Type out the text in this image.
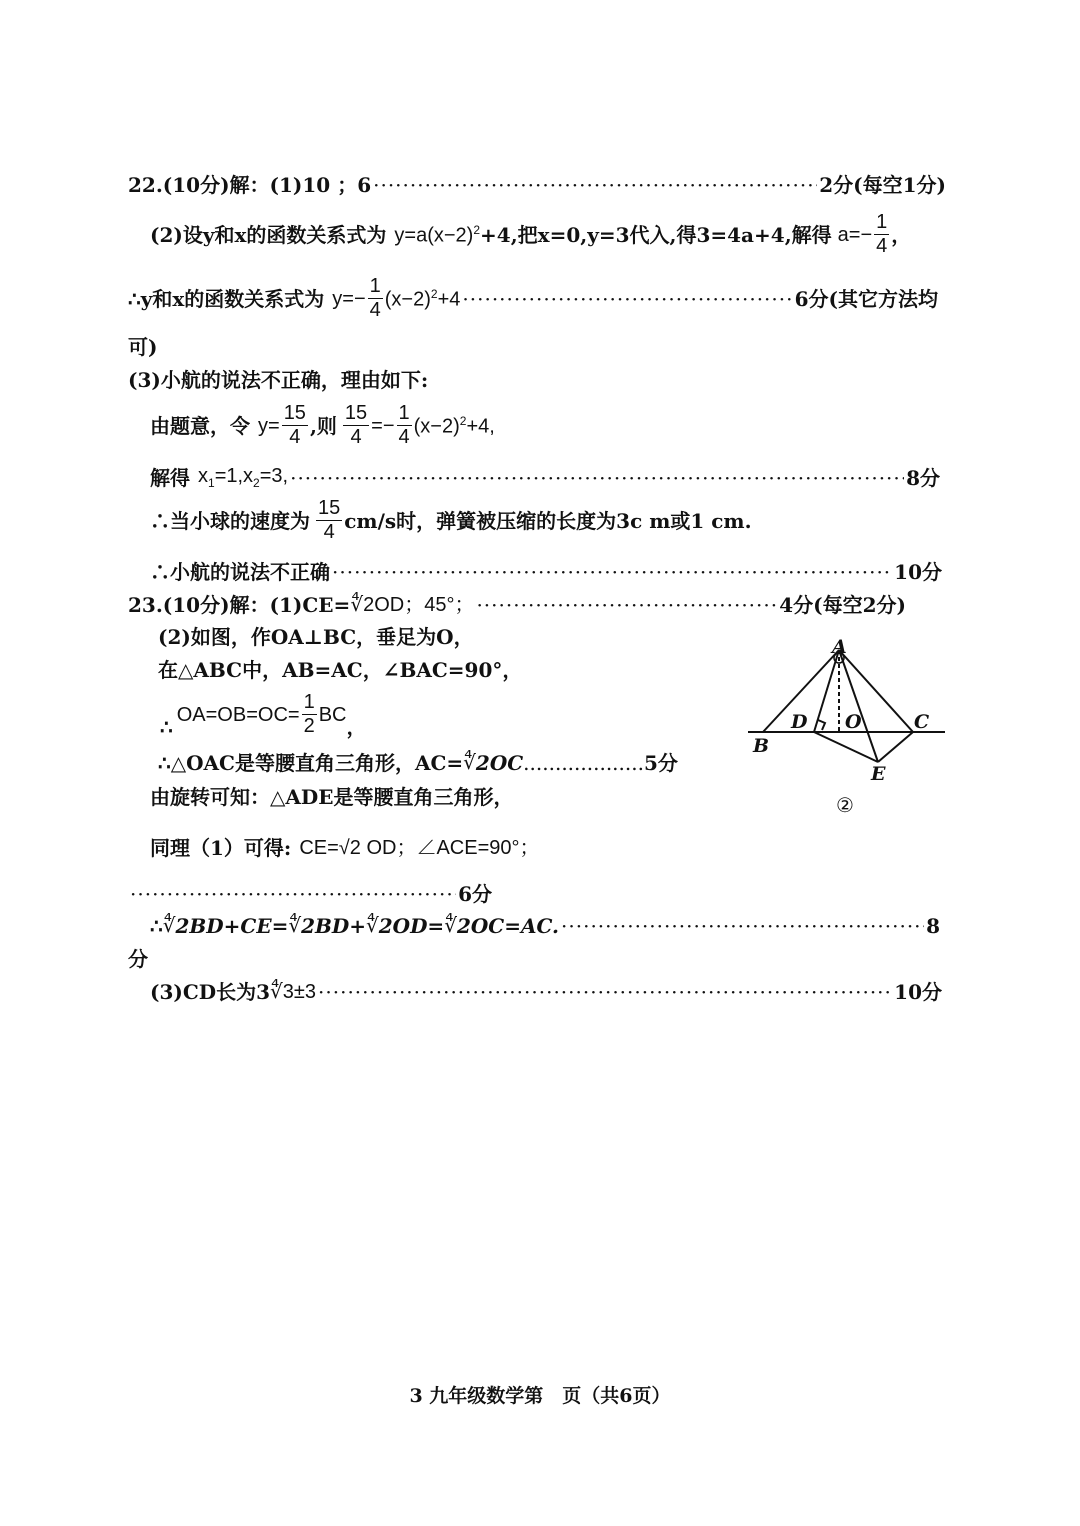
22.(10分)解：(1)10 ；6 ·····	2分(每空1分)
(2)设y和x的函数关系式为 $y=a(x-2)^2 +4$,把x=0,y=3代入,得3=4a+4,解得 $a=- \frac{1}{4}$ ，
∴y和x的函数关系式为 $y=- \frac{1}{4} (x-2)^2+4$ ·····	6分(其它方法均
可)
(3)小航的说法不正确，理由如下:
由题意，令 $y= \frac{15}{4}$ ,则 $\frac{15}{4} =- \frac{1}{4} (x-2)^2+4$,
解得 $x_1=1,x_2=3$, ·····	8分
∴当小球的速度为 $\frac{15}{4} cm/s$时，弹簧被压缩的长度为3c m或1 cm.
∴小航的说法不正确 ·····	10分
23.(10分)解：(1)CE= ∜ 2OD；45°； ·····	4分(每空2分)
(2)如图，作OA⊥BC，垂足为O，
在△ABC中，AB=AC，∠BAC=90°，
∴
$OA=OB=OC= \frac{1}{2}$ BC
，
∴△OAC是等腰直角三角形，AC= ∜ 2OC ................... 5分
由旋转可知：△ADE是等腰直角三角形，
同理（1）可得: CE= √ 2 OD；∠ACE=90°；
·····
6分
∴ ∜ 2BD+CE= ∜ 2BD+ ∜ 2OD= ∜ 2OC=AC. ·····	8
分
(3)CD长为3 ∜ 3±3 ·····	10分
A
B
C
D O
E
②
3 九年级数学第　页（共6页）
